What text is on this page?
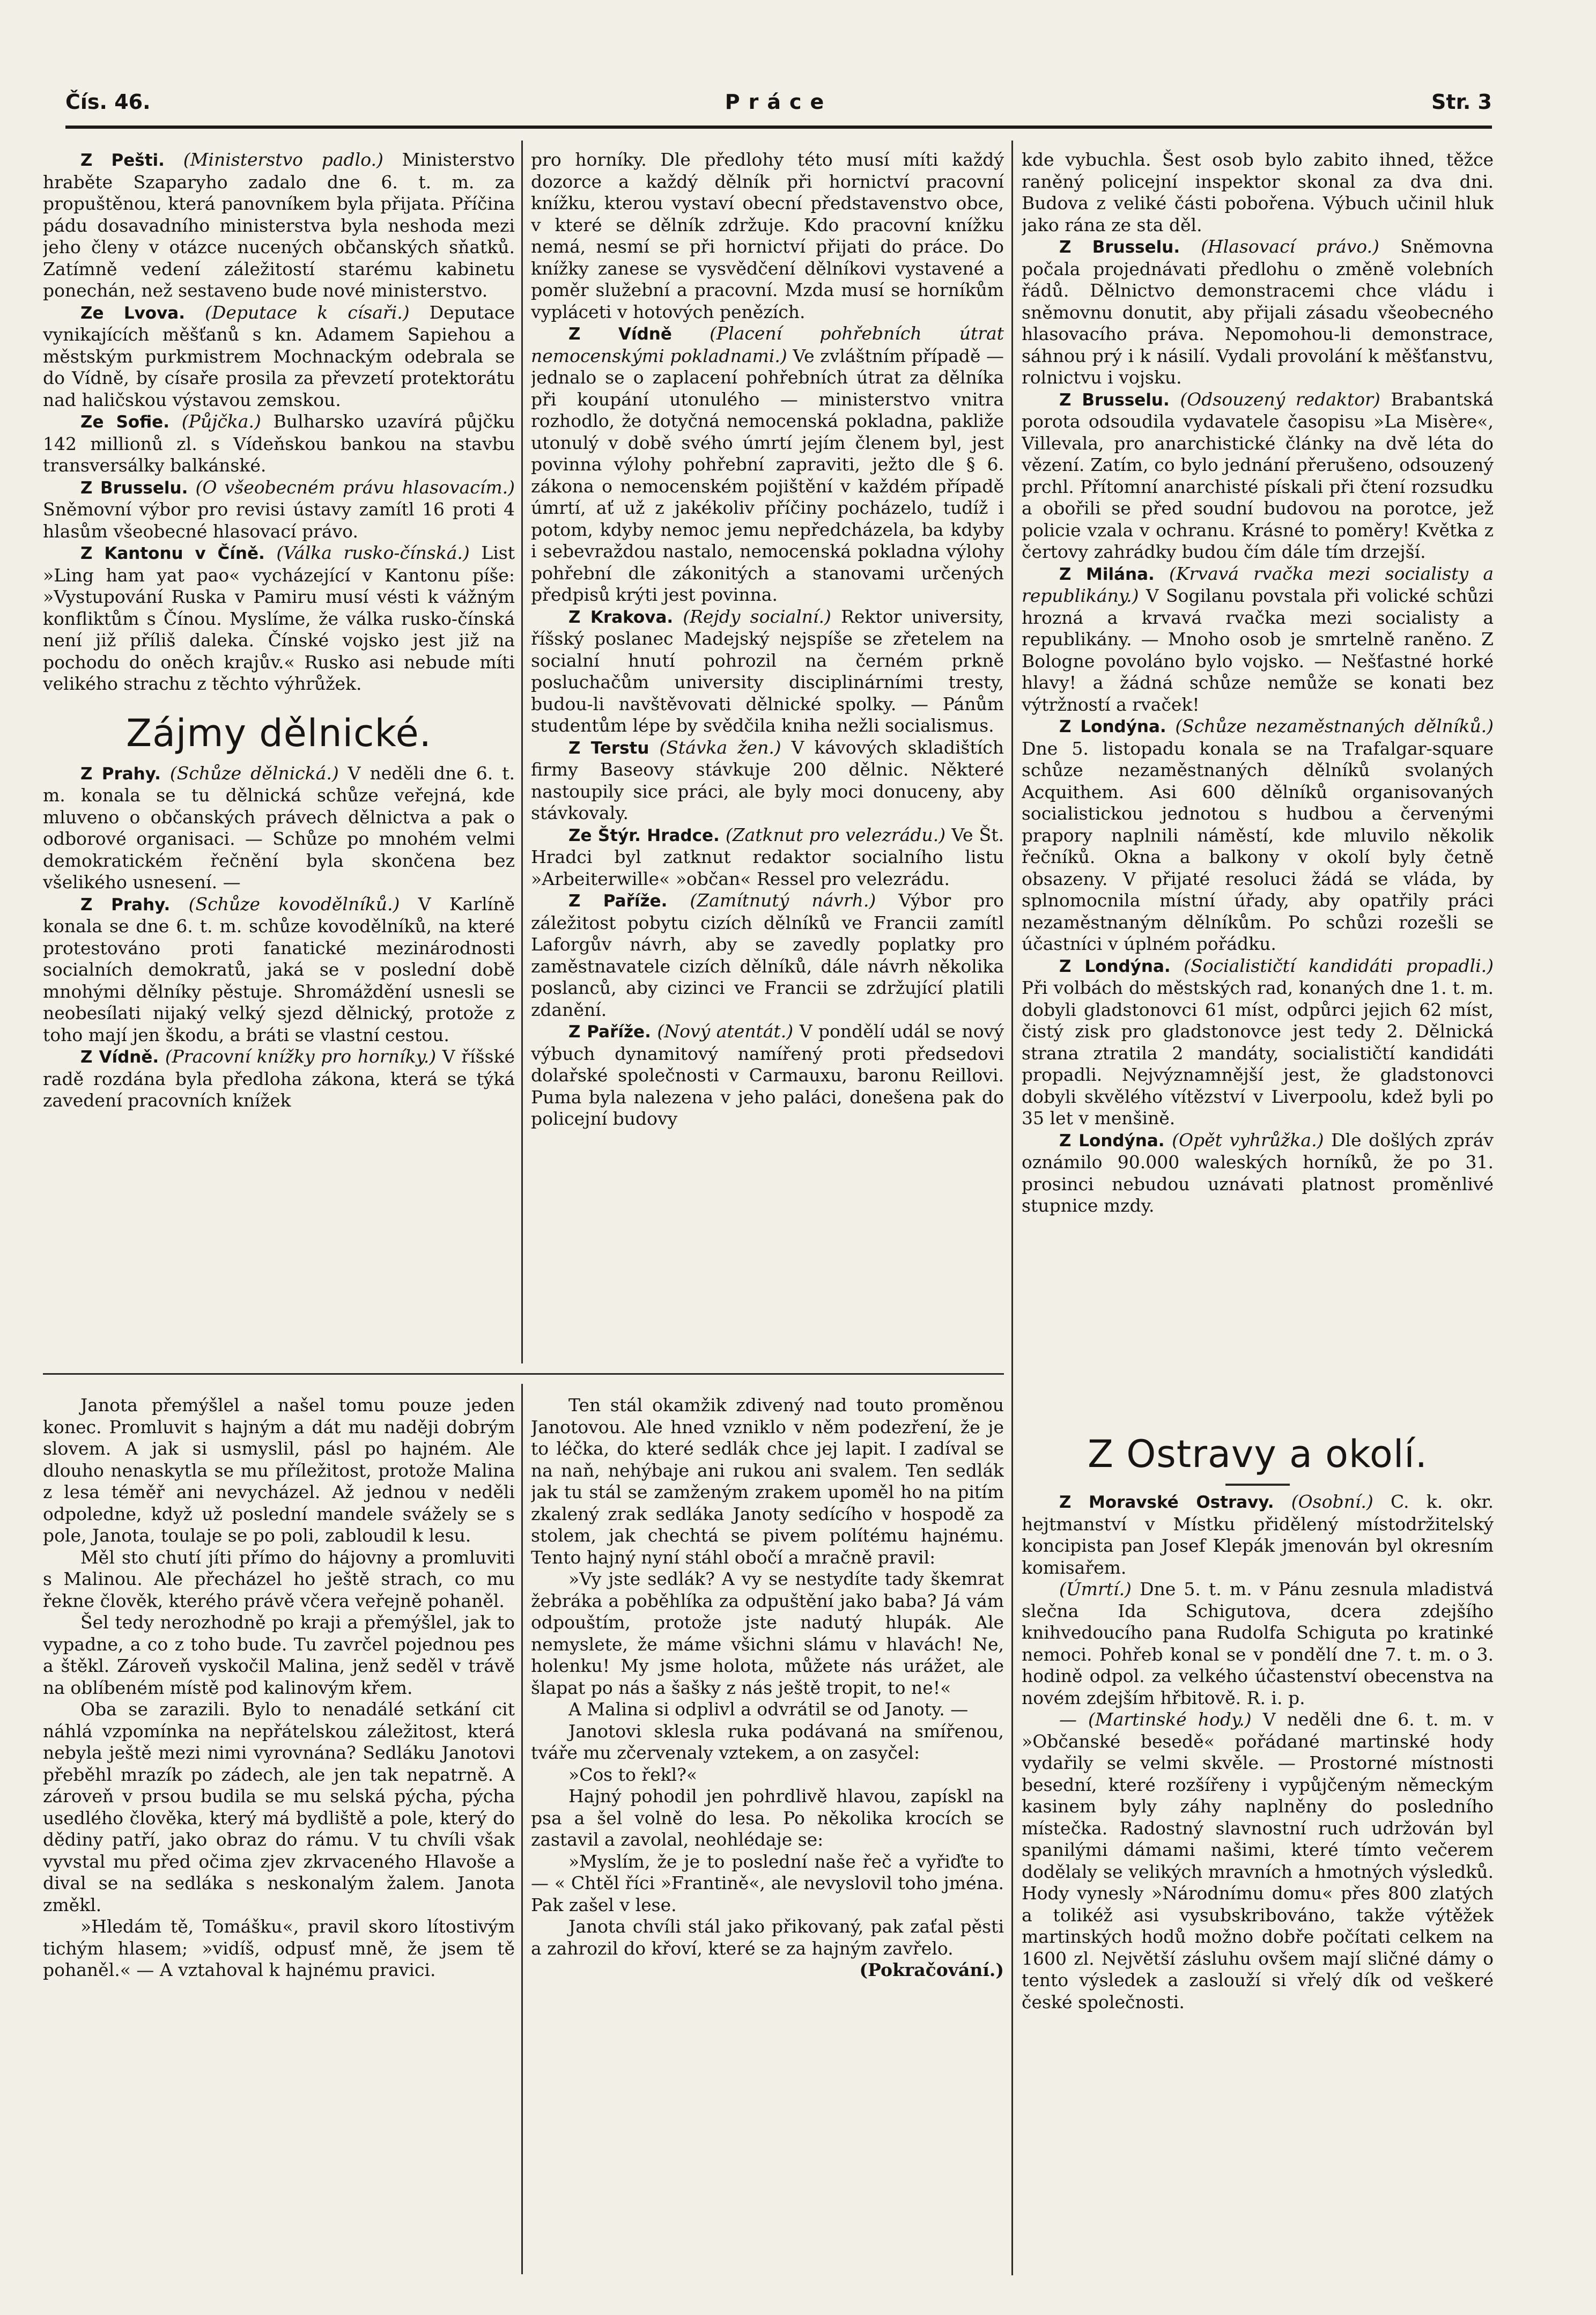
Čís. 46.	Práce	Str. 3

Z Pešti. (Ministerstvo padlo.) Ministerstvo hraběte Szaparyho zadalo dne 6. t. m. za propuštěnou, která panovníkem byla přijata. Příčina pádu dosavadního ministerstva byla neshoda mezi jeho členy v otázce nucených občanských sňatků. Zatímně vedení záležitostí starému kabinetu ponechán, než sestaveno bude nové ministerstvo.

Ze Lvova. (Deputace k císaři.) Deputace vynikajících měšťanů s kn. Adamem Sapiehou a městským purkmistrem Mochnackým odebrala se do Vídně, by císaře prosila za převzetí protektorátu nad haličskou výstavou zemskou.

Ze Sofie. (Půjčka.) Bulharsko uzavírá půjčku 142 millionů zl. s Vídeňskou bankou na stavbu transversálky balkánské.

Z Brusselu. (O všeobecném právu hlasovacím.) Sněmovní výbor pro revisi ústavy zamítl 16 proti 4 hlasům všeobecné hlasovací právo.

Z Kantonu v Číně. (Válka rusko-čínská.) List »Ling ham yat pao« vycházející v Kantonu píše: »Vystupování Ruska v Pamiru musí vésti k vážným konfliktům s Čínou. Myslíme, že válka rusko-čínská není již příliš daleka. Čínské vojsko jest již na pochodu do oněch krajův.« Rusko asi nebude míti velikého strachu z těchto výhrůžek.

Zájmy dělnické.

Z Prahy. (Schůze dělnická.) V neděli dne 6. t. m. konala se tu dělnická schůze veřejná, kde mluveno o občanských právech dělnictva a pak o odborové organisaci. — Schůze po mnohém velmi demokratickém řečnění byla skončena bez všelikého usnesení. —

Z Prahy. (Schůze kovodělníků.) V Karlíně konala se dne 6. t. m. schůze kovodělníků, na které protestováno proti fanatické mezinárodnosti socialních demokratů, jaká se v poslední době mnohými dělníky pěstuje. Shromáždění usnesli se neobesílati nijaký velký sjezd dělnický, protože z toho mají jen škodu, a bráti se vlastní cestou.

Z Vídně. (Pracovní knížky pro horníky.) V říšské radě rozdána byla předloha zákona, která se týká zavedení pracovních knížek

pro horníky. Dle předlohy této musí míti každý dozorce a každý dělník při hornictví pracovní knížku, kterou vystaví obecní představenstvo obce, v které se dělník zdržuje. Kdo pracovní knížku nemá, nesmí se při hornictví přijati do práce. Do knížky zanese se vysvědčení dělníkovi vystavené a poměr služební a pracovní. Mzda musí se horníkům vypláceti v hotových penězích.

Z Vídně (Placení pohřebních útrat nemocenskými pokladnami.) Ve zvláštním případě — jednalo se o zaplacení pohřebních útrat za dělníka při koupání utonulého — ministerstvo vnitra rozhodlo, že dotyčná nemocenská pokladna, pakliže utonulý v době svého úmrtí jejím členem byl, jest povinna výlohy pohřební zapraviti, ježto dle § 6. zákona o nemocenském pojištění v každém případě úmrtí, ať už z jakékoliv příčiny pocházelo, tudíž i potom, kdyby nemoc jemu nepředcházela, ba kdyby i sebevraždou nastalo, nemocenská pokladna výlohy pohřební dle zákonitých a stanovami určených předpisů krýti jest povinna.

Z Krakova. (Rejdy socialní.) Rektor university, říšský poslanec Madejský nejspíše se zřetelem na socialní hnutí pohrozil na černém prkně posluchačům university disciplinárními tresty, budou-li navštěvovati dělnické spolky. — Pánům studentům lépe by svědčila kniha nežli socialismus.

Z Terstu (Stávka žen.) V kávových skladištích firmy Baseovy stávkuje 200 dělnic. Některé nastoupily sice práci, ale byly moci donuceny, aby stávkovaly.

Ze Štýr. Hradce. (Zatknut pro velezrádu.) Ve Št. Hradci byl zatknut redaktor socialního listu »Arbeiterwille« »občan« Ressel pro velezrádu.

Z Paříže. (Zamítnutý návrh.) Výbor pro záležitost pobytu cizích dělníků ve Francii zamítl Laforgův návrh, aby se zavedly poplatky pro zaměstnavatele cizích dělníků, dále návrh několika poslanců, aby cizinci ve Francii se zdržující platili zdanění.

Z Paříže. (Nový atentát.) V pondělí udál se nový výbuch dynamitový namířený proti předsedovi dolařské společnosti v Carmauxu, baronu Reillovi. Puma byla nalezena v jeho paláci, donešena pak do policejní budovy

kde vybuchla. Šest osob bylo zabito ihned, těžce raněný policejní inspektor skonal za dva dni. Budova z veliké části pobořena. Výbuch učinil hluk jako rána ze sta děl.

Z Brusselu. (Hlasovací právo.) Sněmovna počala projednávati předlohu o změně volebních řádů. Dělnictvo demonstracemi chce vládu i sněmovnu donutit, aby přijali zásadu všeobecného hlasovacího práva. Nepomohou-li demonstrace, sáhnou prý i k násilí. Vydali provolání k měšťanstvu, rolnictvu i vojsku.

Z Brusselu. (Odsouzený redaktor) Brabantská porota odsoudila vydavatele časopisu »La Misère«, Villevala, pro anarchistické články na dvě léta do vězení. Zatím, co bylo jednání přerušeno, odsouzený prchl. Přítomní anarchisté pískali při čtení rozsudku a obořili se před soudní budovou na porotce, jež policie vzala v ochranu. Krásné to poměry! Květka z čertovy zahrádky budou čím dále tím drzejší.

Z Milána. (Krvavá rvačka mezi socialisty a republikány.) V Sogilanu povstala při volické schůzi hrozná a krvavá rvačka mezi socialisty a republikány. — Mnoho osob je smrtelně raněno. Z Bologne povoláno bylo vojsko. — Nešťastné horké hlavy! a žádná schůze nemůže se konati bez výtržností a rvaček!

Z Londýna. (Schůze nezaměstnaných dělníků.) Dne 5. listopadu konala se na Trafalgar-square schůze nezaměstnaných dělníků svolaných Acquithem. Asi 600 dělníků organisovaných socialistickou jednotou s hudbou a červenými prapory naplnili náměstí, kde mluvilo několik řečníků. Okna a balkony v okolí byly četně obsazeny. V přijaté resoluci žádá se vláda, by splnomocnila místní úřady, aby opatřily práci nezaměstnaným dělníkům. Po schůzi rozešli se účastníci v úplném pořádku.

Z Londýna. (Socialističtí kandidáti propadli.) Při volbách do městských rad, konaných dne 1. t. m. dobyli gladstonovci 61 míst, odpůrci jejich 62 míst, čistý zisk pro gladstonovce jest tedy 2. Dělnická strana ztratila 2 mandáty, socialističtí kandidáti propadli. Nejvýznamnější jest, že gladstonovci dobyli skvělého vítězství v Liverpoolu, kdež byli po 35 let v menšině.

Z Londýna. (Opět vyhrůžka.) Dle došlých zpráv oznámilo 90.000 waleských horníků, že po 31. prosinci nebudou uznávati platnost proměnlivé stupnice mzdy.

Janota přemýšlel a našel tomu pouze jeden konec. Promluvit s hajným a dát mu naději dobrým slovem. A jak si usmyslil, pásl po hajném. Ale dlouho nenaskytla se mu příležitost, protože Malina z lesa téměř ani nevycházel. Až jednou v neděli odpoledne, když už poslední mandele svážely se s pole, Janota, toulaje se po poli, zabloudil k lesu.

Měl sto chutí jíti přímo do hájovny a promluviti s Malinou. Ale přecházel ho ještě strach, co mu řekne člověk, kterého právě včera veřejně pohaněl.

Šel tedy nerozhodně po kraji a přemýšlel, jak to vypadne, a co z toho bude. Tu zavrčel pojednou pes a štěkl. Zároveň vyskočil Malina, jenž seděl v trávě na oblíbeném místě pod kalinovým křem.

Oba se zarazili. Bylo to nenadálé setkání cit náhlá vzpomínka na nepřátelskou záležitost, která nebyla ještě mezi nimi vyrovnána? Sedláku Janotovi přeběhl mrazík po zádech, ale jen tak nepatrně. A zároveň v prsou budila se mu selská pýcha, pýcha usedlého člověka, který má bydliště a pole, který do dědiny patří, jako obraz do rámu. V tu chvíli však vyvstal mu před očima zjev zkrvaceného Hlavoše a dival se na sedláka s neskonalým žalem. Janota změkl.

»Hledám tě, Tomášku«, pravil skoro lítostivým tichým hlasem; »vidíš, odpusť mně, že jsem tě pohaněl.« — A vztahoval k hajnému pravici.

Ten stál okamžik zdivený nad touto proměnou Janotovou. Ale hned vzniklo v něm podezření, že je to léčka, do které sedlák chce jej lapit. I zadíval se na naň, nehýbaje ani rukou ani svalem. Ten sedlák jak tu stál se zamženým zrakem upoměl ho na pitím zkalený zrak sedláka Janoty sedícího v hospodě za stolem, jak chechtá se pivem polítému hajnému. Tento hajný nyní stáhl obočí a mračně pravil:

»Vy jste sedlák? A vy se nestydíte tady škemrat žebráka a poběhlíka za odpuštění jako baba? Já vám odpouštím, protože jste nadutý hlupák. Ale nemyslete, že máme všichni slámu v hlavách! Ne, holenku! My jsme holota, můžete nás urážet, ale šlapat po nás a šašky z nás ještě tropit, to ne!«

A Malina si odplivl a odvrátil se od Janoty. —

Janotovi sklesla ruka podávaná na smířenou, tváře mu zčervenaly vztekem, a on zasyčel:

»Cos to řekl?«

Hajný pohodil jen pohrdlivě hlavou, zapískl na psa a šel volně do lesa. Po několika krocích se zastavil a zavolal, neohlédaje se:

»Myslím, že je to poslední naše řeč a vyřiďte to — « Chtěl říci »Frantině«, ale nevyslovil toho jména. Pak zašel v lese.

Janota chvíli stál jako přikovaný, pak zaťal pěsti a zahrozil do křoví, které se za hajným zavřelo.

(Pokračování.)

Z Ostravy a okolí.

Z Moravské Ostravy. (Osobní.) C. k. okr. hejtmanství v Místku přidělený místodržitelský koncipista pan Josef Klepák jmenován byl okresním komisařem.

(Úmrtí.) Dne 5. t. m. v Pánu zesnula mladistvá slečna Ida Schigutova, dcera zdejšího knihvedoucího pana Rudolfa Schiguta po kratinké nemoci. Pohřeb konal se v pondělí dne 7. t. m. o 3. hodině odpol. za velkého účastenství obecenstva na novém zdejším hřbitově. R. i. p.

— (Martinské hody.) V neděli dne 6. t. m. v »Občanské besedě« pořádané martinské hody vydařily se velmi skvěle. — Prostorné místnosti besední, které rozšířeny i vypůjčeným německým kasinem byly záhy naplněny do posledního místečka. Radostný slavnostní ruch udržován byl spanilými dámami našimi, které tímto večerem dodělaly se velikých mravních a hmotných výsledků. Hody vynesly »Národnímu domu« přes 800 zlatých a tolikéž asi vysubskribováno, takže výtěžek martinských hodů možno dobře počítati celkem na 1600 zl. Největší zásluhu ovšem mají sličné dámy o tento výsledek a zaslouží si vřelý dík od veškeré české společnosti.
